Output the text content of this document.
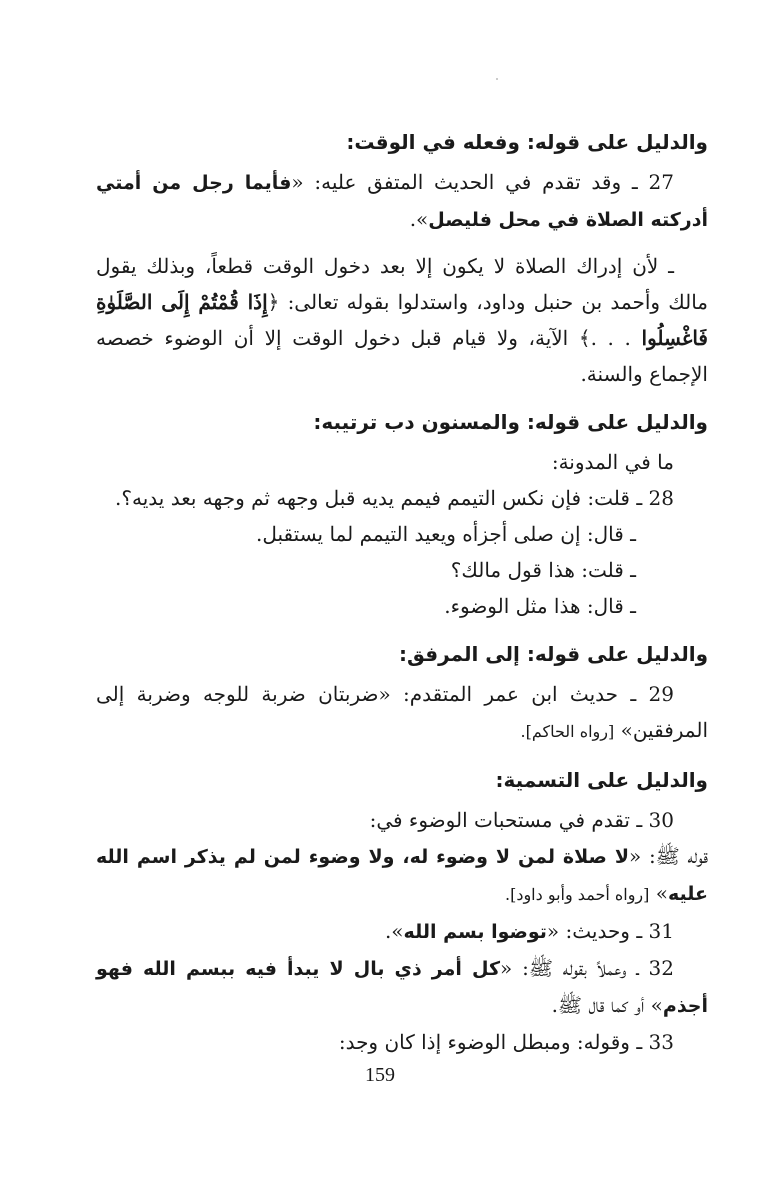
والدليل على قوله: وفعله في الوقت:

27 ـ وقد تقدم في الحديث المتفق عليه: «فأيما رجل من أمتي أدركته الصلاة في محل فليصل».

ـ لأن إدراك الصلاة لا يكون إلا بعد دخول الوقت قطعاً، وبذلك يقول مالك وأحمد بن حنبل وداود، واستدلوا بقوله تعالى: ﴿إِذَا قُمْتُمْ إِلَى الصَّلَوٰةِ فَاغْسِلُوا . . .﴾ الآية، ولا قيام قبل دخول الوقت إلا أن الوضوء خصصه الإجماع والسنة.

والدليل على قوله: والمسنون دب ترتيبه:

ما في المدونة:

28 ـ قلت: فإن نكس التيمم فيمم يديه قبل وجهه ثم وجهه بعد يديه؟.

ـ قال: إن صلى أجزأه ويعيد التيمم لما يستقبل.

ـ قلت: هذا قول مالك؟

ـ قال: هذا مثل الوضوء.

والدليل على قوله: إلى المرفق:

29 ـ حديث ابن عمر المتقدم: «ضربتان ضربة للوجه وضربة إلى المرفقين» [رواه الحاكم].

والدليل على التسمية:

30 ـ تقدم في مستحبات الوضوء في:

قوله ﷺ: «لا صلاة لمن لا وضوء له، ولا وضوء لمن لم يذكر اسم الله عليه» [رواه أحمد وأبو داود].

31 ـ وحديث: «توضوا بسم الله».

32 ـ وعملاً بقوله ﷺ: «كل أمر ذي بال لا يبدأ فيه ببسم الله فهو أجذم» أو كما قال ﷺ.

33 ـ وقوله: ومبطل الوضوء إذا كان وجد:

159
